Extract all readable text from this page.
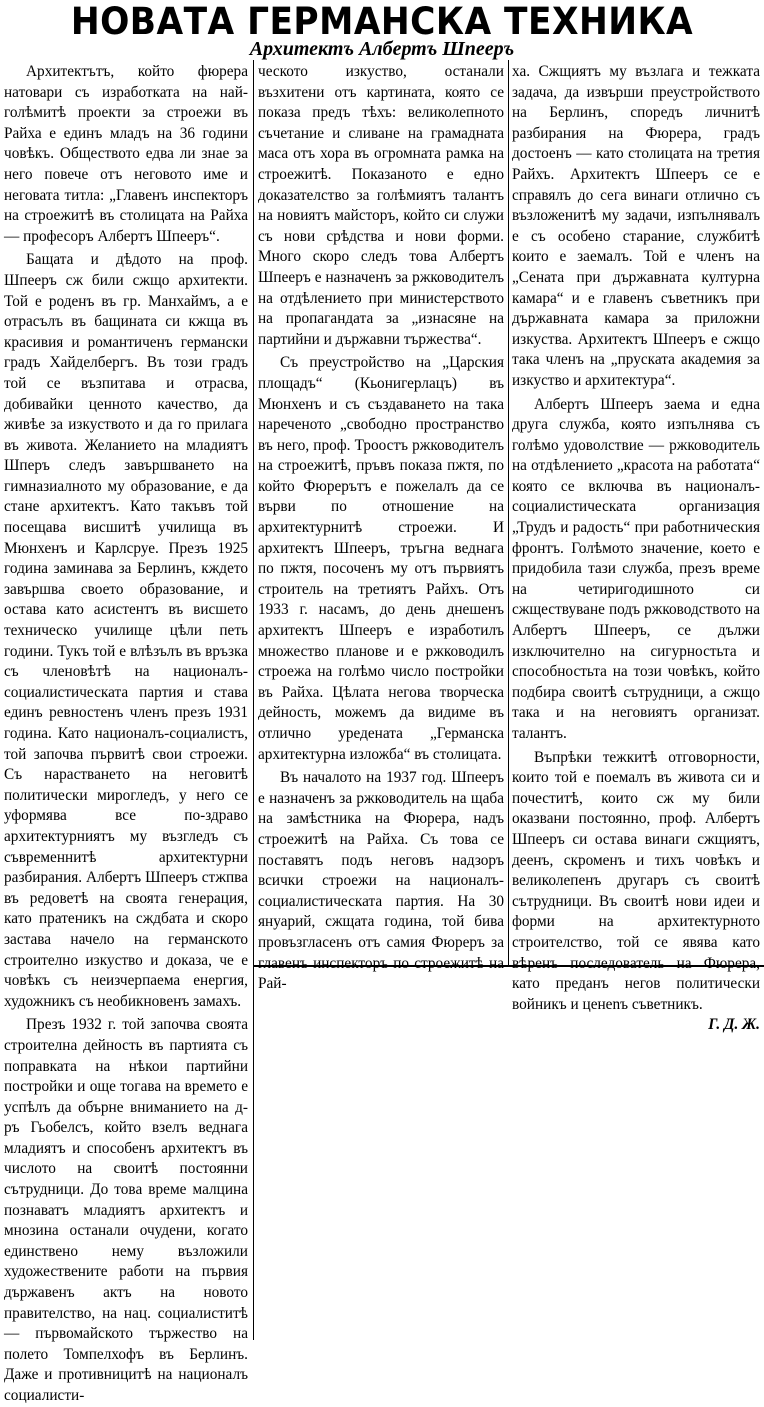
НОВАТА ГЕРМАНСКА ТЕХНИКА
Архитектъ Албертъ Шпееръ

Архитектътъ, който фюрера натовари съ изработката на най-голѣмитѣ проекти за строежи въ Райха е единъ младъ на 36 години човѣкъ. Обществото едва ли знае за него повече отъ неговото име и неговата титла: „Главенъ инспекторъ на строежитѣ въ столицата на Райха — професоръ Албертъ Шпееръ“.

Бащата и дѣдото на проф. Шпееръ сж били сжщо архитекти. Той е роденъ въ гр. Манхаймъ, а е отрасълъ въ бащината си кжща въ красивия и романтиченъ германски градъ Хайделбергъ. Въ този градъ той се възпитава и отрасва, добивайки ценното качество, да живѣе за изкуството и да го прилага въ живота. Желанието на младиятъ Шперъ следъ завършването на гимназиалното му образование, е да стане архитектъ. Като такъвъ той посещава висшитѣ училища въ Мюнхенъ и Карлсруе. Презъ 1925 година заминава за Берлинъ, кждето завършва своето образование, и остава като асистентъ въ висшето техническо училище цѣли петь години. Тукъ той е влѣзълъ въ връзка съ членовѣтѣ на националъ-социалистическата партия и става единъ ревностенъ членъ презъ 1931 година. Като националъ-социалистъ, той започва първитѣ свои строежи. Съ нарастването на неговитѣ политически мирогледъ, у него се уформява все по-здраво архитектурниятъ му възгледъ съ съвременнитѣ архитектурни разбирания. Албертъ Шпееръ стжпва въ редоветѣ на своята генерация, като пратеникъ на сждбата и скоро застава начело на германското строително изкуство и доказа, че е човѣкъ съ неизчерпаема енергия, художникъ съ необикновенъ замахъ.

Презъ 1932 г. той започва своята строителна дейность въ партията съ поправката на нѣкои партийни постройки и още тогава на времето е успѣлъ да обърне вниманието на д-ръ Гьобелсъ, който взелъ веднага младиятъ и способенъ архитектъ въ числото на своитѣ постоянни сътрудници. До това време малцина познаватъ младиятъ архитектъ и мнозина останали очудени, когато единствено нему възложили художествените работи на първия държавенъ актъ на новото правителство, на нац. социалиститѣ — първомайското тържество на полето Томпелхофъ въ Берлинъ. Даже и противницитѣ на националъ социалисти-

ческото изкуство, останали възхитени отъ картината, която се показа предъ тѣхъ: великолепното съчетание и сливане на грамадната маса отъ хора въ огромната рамка на строежитѣ. Показаното е едно доказателство за голѣмиятъ талантъ на новиятъ майсторъ, който си служи съ нови срѣдства и нови форми. Много скоро следъ това Албертъ Шпееръ е назначенъ за ржководителъ на отдѣлението при министерството на пропагандата за „изнасяне на партийни и държавни тържества“.

Съ преустройство на „Царския площадъ“ (Кьонигерлацъ) въ Мюнхенъ и съ създаването на така нареченото „свободно пространство въ него, проф. Троостъ ржководителъ на строежитѣ, пръвъ показа пжтя, по който Фюрерътъ е пожелалъ да се върви по отношение на архитектурнитѣ строежи. И архитектъ Шпееръ, тръгна веднага по пжтя, посоченъ му отъ първиятъ строитель на третиятъ Райхъ. Отъ 1933 г. насамъ, до день днешенъ архитектъ Шпееръ е изработилъ множество планове и е ржководилъ строежа на голѣмо число постройки въ Райха. Цѣлата негова творческа дейность, можемъ да видиме въ отлично уредената „Германска архитектурна изложба“ въ столицата.

Въ началото на 1937 год. Шпееръ е назначенъ за ржководитель на щаба на замѣстника на Фюрера, надъ строежитѣ на Райха. Съ това се поставятъ подъ неговъ надзоръ всички строежи на националъ-социалистическата партия. На 30 януарий, сжщата година, той бива провъзгласенъ отъ самия Фюреръ за главенъ инспекторъ по строежитѣ на Рай-

ха. Сжщиятъ му възлага и тежката задача, да извърши преустройството на Берлинъ, споредъ личнитѣ разбирания на Фюрера, градъ достоенъ — като столицата на третия Райхъ. Архитектъ Шпееръ се е справялъ до сега винаги отлично съ възложенитѣ му задачи, изпълнявалъ е съ особено старание, службитѣ които е заемалъ. Той е членъ на „Сената при държавната културна камара“ и е главенъ съветникъ при държавната камара за приложни изкуства. Архитектъ Шпееръ е сжщо така членъ на „пруската академия за изкуство и архитектура“.

Албертъ Шпееръ заема и една друга служба, която изпълнява съ голѣмо удоволствие — ржководитель на отдѣлението „красота на работата“ която се включва въ националъ-социалистическата организация „Трудъ и радость“ при работническия фронтъ. Голѣмото значение, което е придобила тази служба, презъ време на четиригодишното си сжществуване подъ ржководството на Албертъ Шпееръ, се дължи изключително на сигурностьта и способностьта на този човѣкъ, който подбира своитѣ сътрудници, а сжщо така и на неговиятъ организат. талантъ.

Въпрѣки тежкитѣ отговорности, които той е поемалъ въ живота си и почеститѣ, които сж му били оказвани постоянно, проф. Албертъ Шпееръ си остава винаги сжщиятъ, деенъ, скроменъ и тихъ човѣкъ и великолепенъ другаръ съ своитѣ сътрудници. Въ своитѣ нови идеи и форми на архитектурното строителство, той се явява като вѣренъ последователь на Фюрера, като преданъ негов политически войникъ и ценenъ съветникъ.

Г. Д. Ж.
